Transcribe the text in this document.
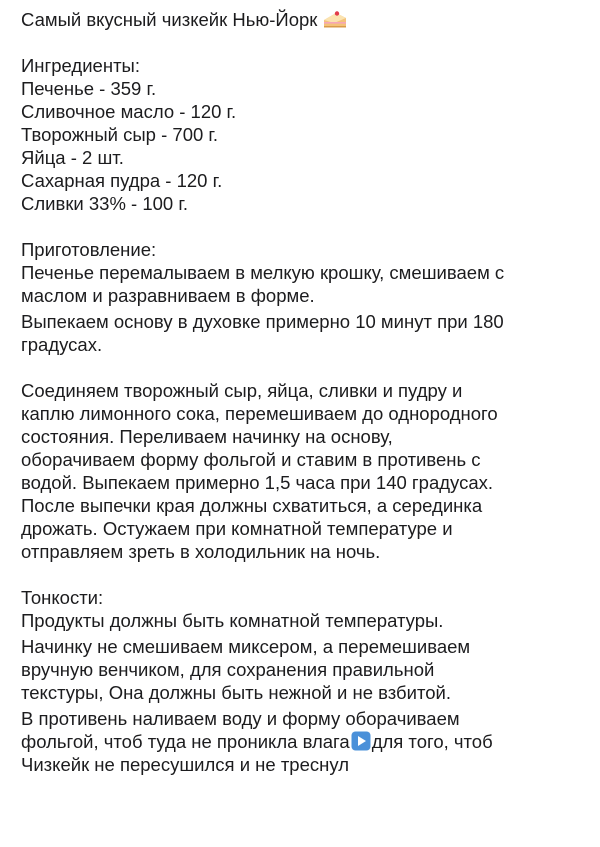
Самый вкусный чизкейк Нью-Йорк
Ингредиенты:
Печенье - 359 г.
Сливочное масло - 120 г.
Творожный сыр - 700 г.
Яйца - 2 шт.
Сахарная пудра - 120 г.
Сливки 33% - 100 г.
Приготовление:
Печенье перемалываем в мелкую крошку, смешиваем с
маслом и разравниваем в форме.
Выпекаем основу в духовке примерно 10 минут при 180
градусах.
Соединяем творожный сыр, яйца, сливки и пудру и
каплю лимонного сока, перемешиваем до однородного
состояния. Переливаем начинку на основу,
оборачиваем форму фольгой и ставим в противень с
водой. Выпекаем примерно 1,5 часа при 140 градусах.
После выпечки края должны схватиться, а серединка
дрожать. Остужаем при комнатной температуре и
отправляем зреть в холодильник на ночь.
Тонкости:
Продукты должны быть комнатной температуры.
Начинку не смешиваем миксером, а перемешиваем
вручную венчиком, для сохранения правильной
текстуры, Она должны быть нежной и не взбитой.
В противень наливаем воду и форму оборачиваем
фольгой, чтоб туда не проникла влага для того, чтоб
Чизкейк не пересушился и не треснул
